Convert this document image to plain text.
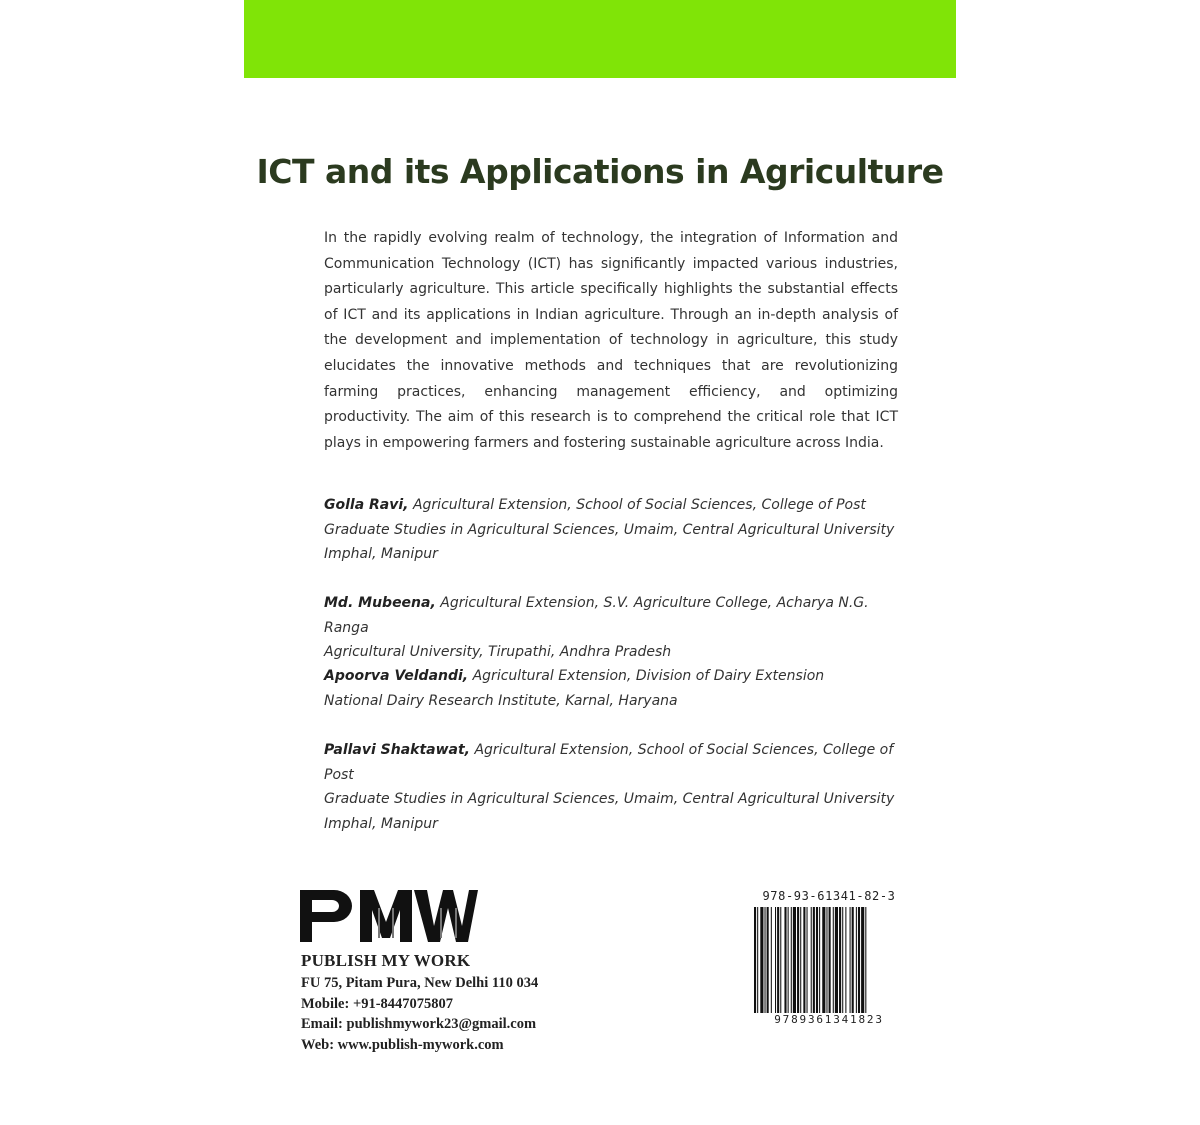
ICT and its Applications in Agriculture

In the rapidly evolving realm of technology, the integration of Information and Communication Technology (ICT) has significantly impacted various industries, particularly agriculture. This article specifically highlights the substantial effects of ICT and its applications in Indian agriculture. Through an in-depth analysis of the development and implementation of technology in agriculture, this study elucidates the innovative methods and techniques that are revolutionizing farming practices, enhancing management efficiency, and optimizing productivity. The aim of this research is to comprehend the critical role that ICT plays in empowering farmers and fostering sustainable agriculture across India.

Golla Ravi, Agricultural Extension, School of Social Sciences, College of Post
Graduate Studies in Agricultural Sciences, Umaim, Central Agricultural University
Imphal, Manipur
Md. Mubeena, Agricultural Extension, S.V. Agriculture College, Acharya N.G. Ranga
Agricultural University, Tirupathi, Andhra Pradesh
Apoorva Veldandi, Agricultural Extension, Division of Dairy Extension
National Dairy Research Institute, Karnal, Haryana
Pallavi Shaktawat, Agricultural Extension, School of Social Sciences, College of Post
Graduate Studies in Agricultural Sciences, Umaim, Central Agricultural University
Imphal, Manipur
PUBLISH MY WORK
FU 75, Pitam Pura, New Delhi 110 034
Mobile: +91-8447075807
Email: publishmywork23@gmail.com
Web: www.publish-mywork.com
978-93-61341-82-3
9789361341823
